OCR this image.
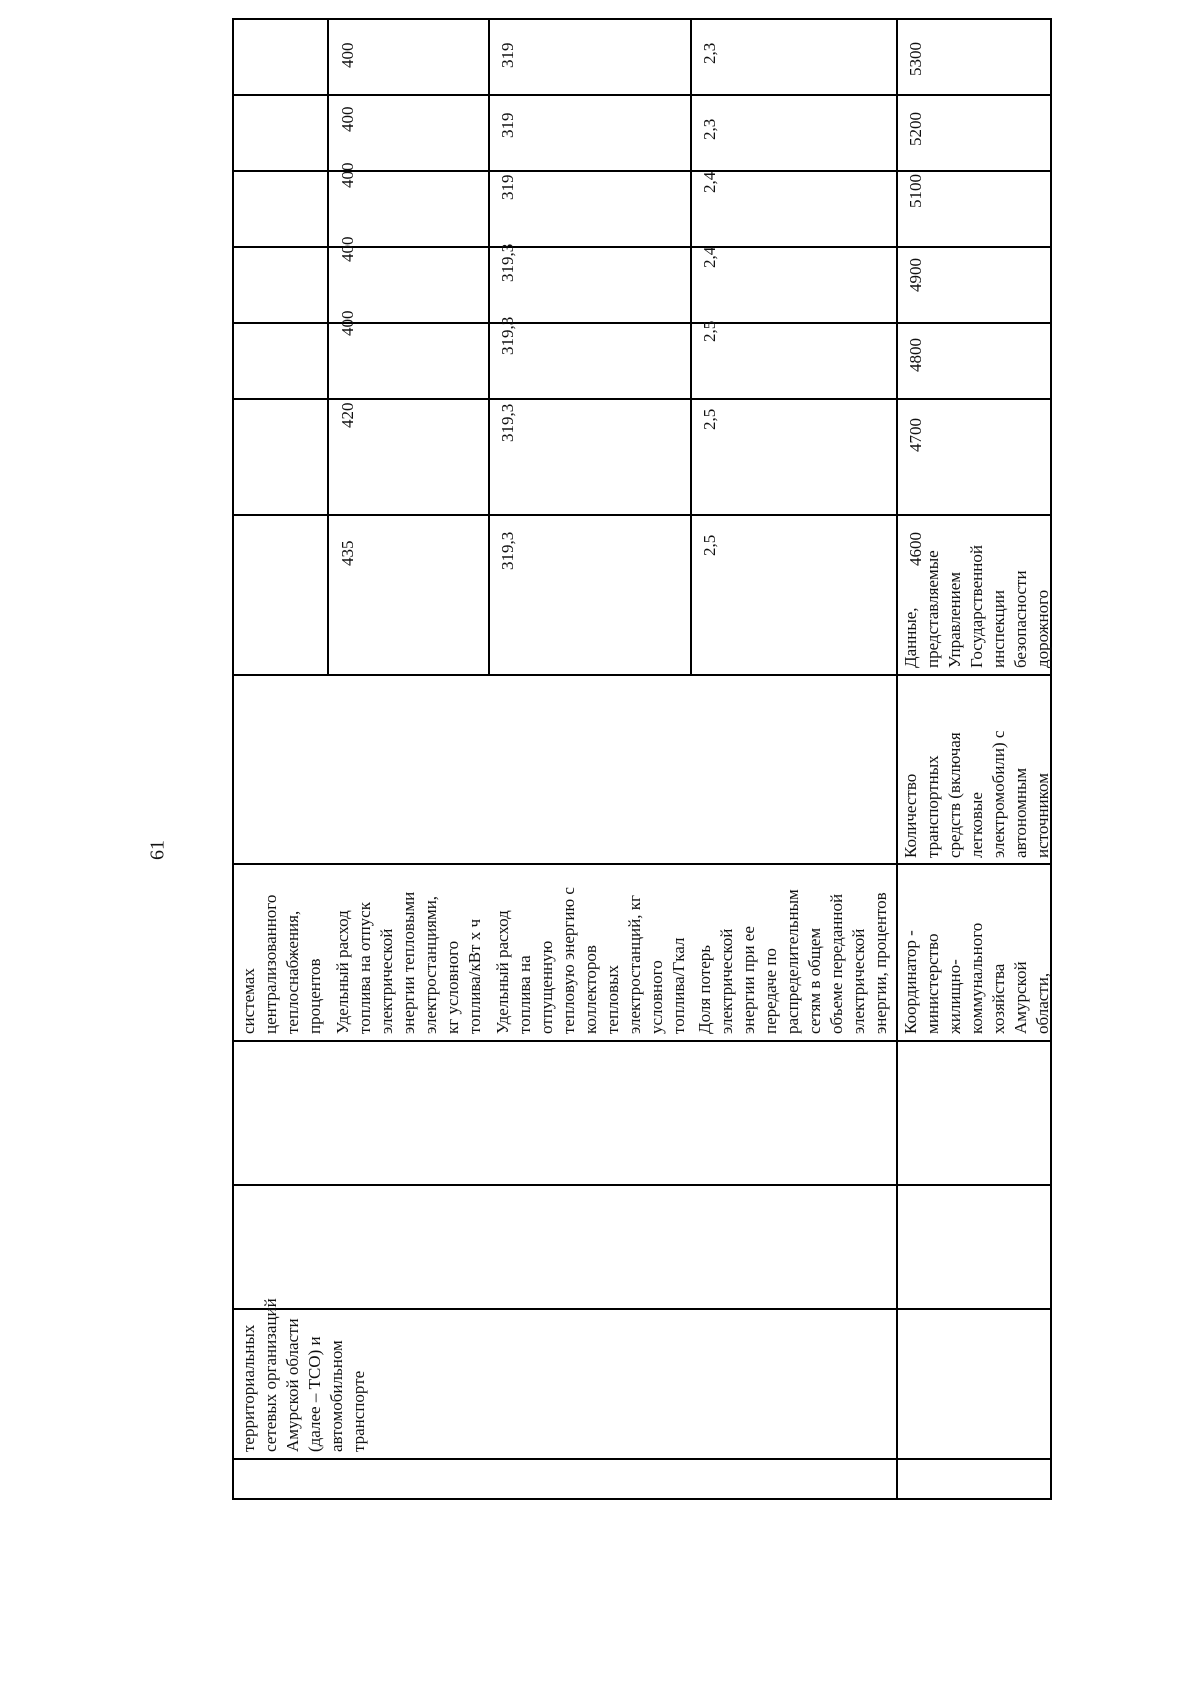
61
территориальных
сетевых организаций
Амурской области
(далее – ТСО) и
автомобильном
транспорте
Координатор -
министерство
жилищно-
коммунального
хозяйства
Амурской
области,
системах
централизованного
теплоснабжения,
процентов Удельный расход
топлива на отпуск
электрической
энергии тепловыми
электростанциями,
кг условного
топлива/кВт х ч
Удельный расход
топлива на
отпущенную
тепловую энергию с
коллекторов
тепловых
электростанций, кг
условного
топлива/Гкал Доля потерь
электрической
энергии при ее
передаче по
распределительным
сетям в общем
объеме переданной
электрической
энергии, процентов
Количество
транспортных
средств (включая
легковые
электромобили) с
автономным
источником
Данные,
представляемые
Управлением
Государственной
инспекции
безопасности
дорожного
435
420
400
400
400
400
400
319,3
319,3
319,3
319,3
319
319
319
2,5
2,5
2,5
2,4
2,4
2,3
2,3
4600
4700
4800
4900
5100
5200
5300
